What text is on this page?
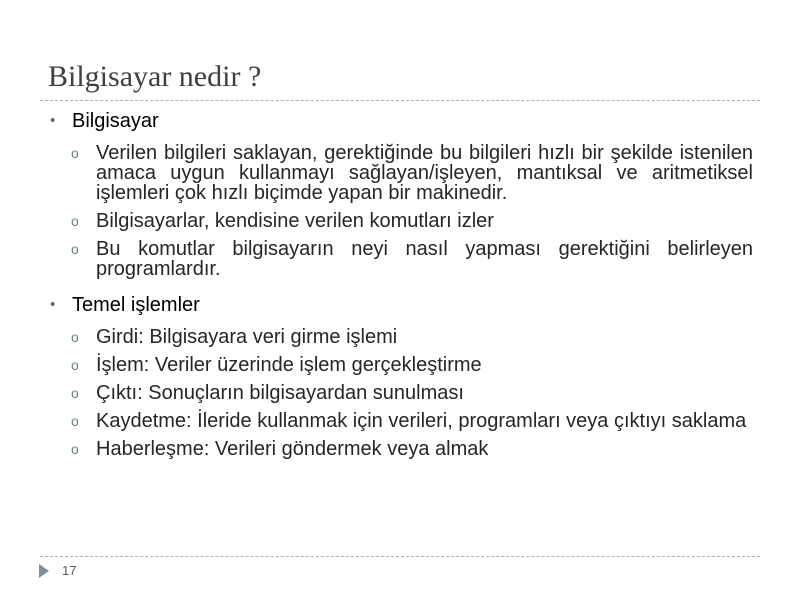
Bilgisayar nedir ?
• Bilgisayar
o Verilen bilgileri saklayan, gerektiğinde bu bilgileri hızlı bir şekilde istenilen amaca uygun kullanmayı sağlayan/işleyen, mantıksal ve aritmetiksel işlemleri çok hızlı biçimde yapan bir makinedir.
o Bilgisayarlar, kendisine verilen komutları izler
o Bu komutlar bilgisayarın neyi nasıl yapması gerektiğini belirleyen programlardır.
• Temel işlemler
o Girdi: Bilgisayara veri girme işlemi
o İşlem: Veriler üzerinde işlem gerçekleştirme
o Çıktı: Sonuçların bilgisayardan sunulması
o Kaydetme: İleride kullanmak için verileri, programları veya çıktıyı saklama
o Haberleşme: Verileri göndermek veya almak
17
